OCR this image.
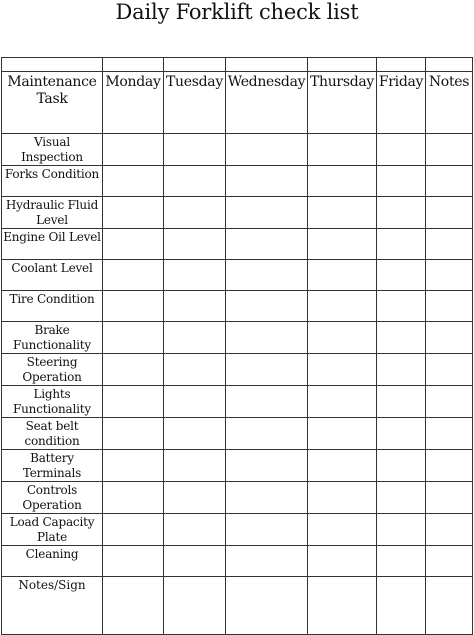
Daily Forklift check list

Maintenance Task	Monday	Tuesday	Wednesday	Thursday	Friday	Notes
Visual Inspection						
Forks Condition						
Hydraulic Fluid Level						
Engine Oil Level						
Coolant Level						
Tire Condition						
Brake Functionality						
Steering Operation						
Lights Functionality						
Seat belt condition						
Battery Terminals						
Controls Operation						
Load Capacity Plate						
Cleaning						
Notes/Sign						
